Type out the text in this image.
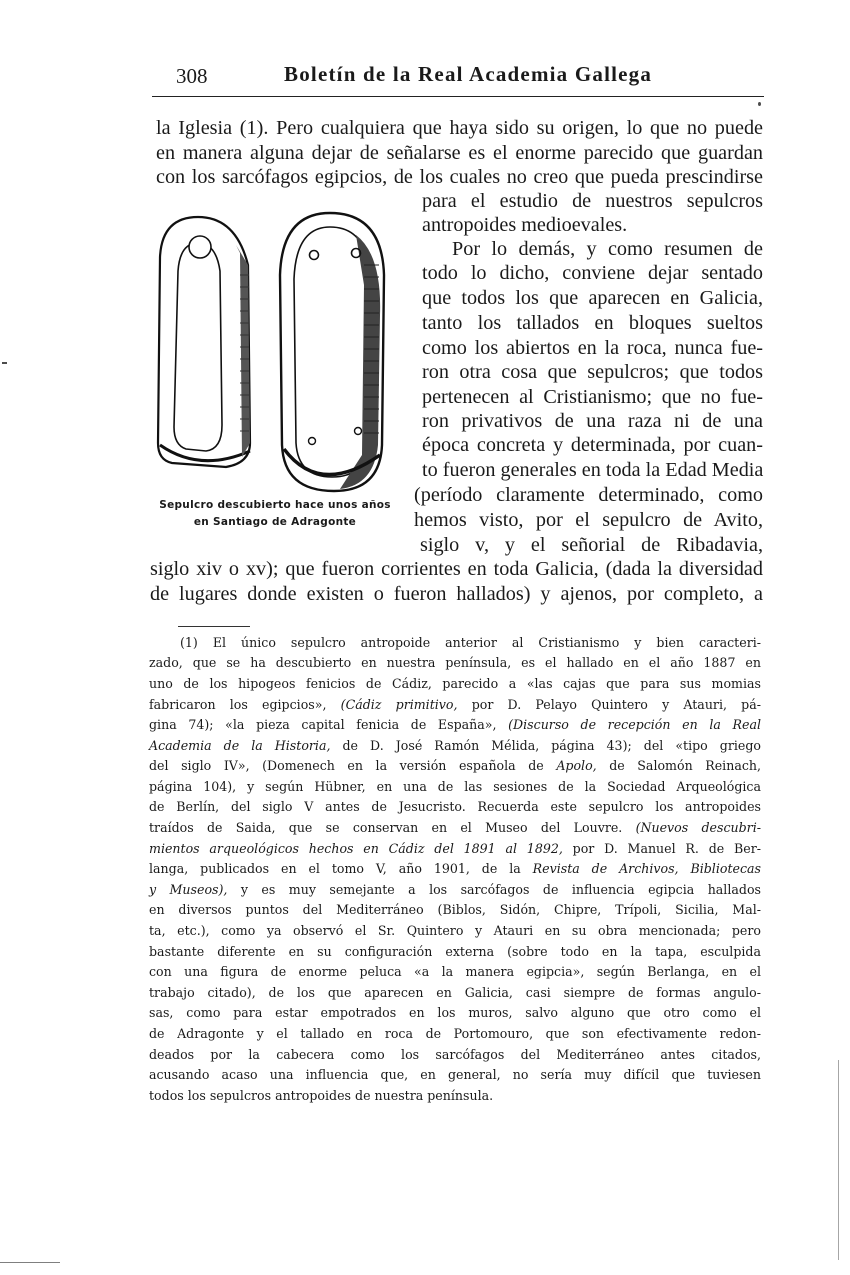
308	Boletín de la Real Academia Gallega
la Iglesia (1). Pero cualquiera que haya sido su origen, lo que no puede
en manera alguna dejar de señalarse es el enorme parecido que guardan
con los sarcófagos egipcios, de los cuales no creo que pueda prescindirse
para el estudio de nuestros sepulcros
antropoides medioevales.
Por lo demás, y como resumen de
todo lo dicho, conviene dejar sentado
que todos los que aparecen en Galicia,
tanto los tallados en bloques sueltos
como los abiertos en la roca, nunca fue-
ron otra cosa que sepulcros; que todos
pertenecen al Cristianismo; que no fue-
ron privativos de una raza ni de una
época concreta y determinada, por cuan-
to fueron generales en toda la Edad Media
(período claramente determinado, como
hemos visto, por el sepulcro de Avito,
siglo v, y el señorial de Ribadavia,
siglo xiv o xv); que fueron corrientes en toda Galicia, (dada la diversidad
de lugares donde existen o fueron hallados) y ajenos, por completo, a
Sepulcro descubierto hace unos años
en Santiago de Adragonte
(1) El único sepulcro antropoide anterior al Cristianismo y bien caracteri-
zado, que se ha descubierto en nuestra península, es el hallado en el año 1887 en
uno de los hipogeos fenicios de Cádiz, parecido a «las cajas que para sus momias
fabricaron los egipcios», (Cádiz primitivo, por D. Pelayo Quintero y Atauri, pá-
gina 74); «la pieza capital fenicia de España», (Discurso de recepción en la Real
Academia de la Historia, de D. José Ramón Mélida, página 43); del «tipo griego
del siglo IV», (Domenech en la versión española de Apolo, de Salomón Reinach,
página 104), y según Hübner, en una de las sesiones de la Sociedad Arqueológica
de Berlín, del siglo V antes de Jesucristo. Recuerda este sepulcro los antropoides
traídos de Saida, que se conservan en el Museo del Louvre. (Nuevos descubri-
mientos arqueológicos hechos en Cádiz del 1891 al 1892, por D. Manuel R. de Ber-
langa, publicados en el tomo V, año 1901, de la Revista de Archivos, Bibliotecas
y Museos), y es muy semejante a los sarcófagos de influencia egipcia hallados
en diversos puntos del Mediterráneo (Biblos, Sidón, Chipre, Trípoli, Sicilia, Mal-
ta, etc.), como ya observó el Sr. Quintero y Atauri en su obra mencionada; pero
bastante diferente en su configuración externa (sobre todo en la tapa, esculpida
con una figura de enorme peluca «a la manera egipcia», según Berlanga, en el
trabajo citado), de los que aparecen en Galicia, casi siempre de formas angulo-
sas, como para estar empotrados en los muros, salvo alguno que otro como el
de Adragonte y el tallado en roca de Portomouro, que son efectivamente redon-
deados por la cabecera como los sarcófagos del Mediterráneo antes citados,
acusando acaso una influencia que, en general, no sería muy difícil que tuviesen
todos los sepulcros antropoides de nuestra península.
